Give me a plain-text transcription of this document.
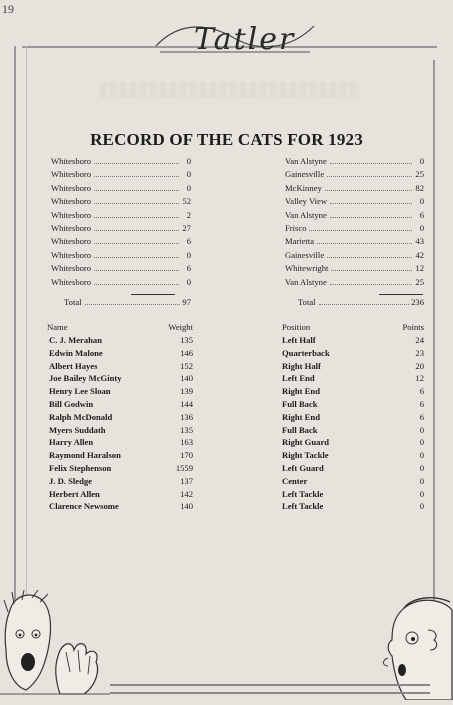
19
Tatler
RECORD OF THE CATS FOR 1923
Whitesboro	0
Whitesboro	0
Whitesboro	0
Whitesboro	52
Whitesboro	2
Whitesboro	27
Whitesboro	6
Whitesboro	0
Whitesboro	6
Whitesboro	0
Total	97
Van Alstyne	0
Gainesville	25
McKinney	82
Valley View	0
Van Alstyne	6
Frisco	0
Marietta	43
Gainesville	42
Whitewright	12
Van Alstyne	25
Total	236
Name	Weight
C. J. Merahan	135
Edwin Malone	146
Albert Hayes	152
Joe Bailey McGinty	140
Henry Lee Sloan	139
Bill Godwin	144
Ralph McDonald	136
Myers Suddath	135
Harry Allen	163
Raymond Haralson	170
Felix Stephenson	1559
J. D. Sledge	137
Herbert Allen	142
Clarence Newsome	140
Position	Points
Left Half	24
Quarterback	23
Right Half	20
Left End	12
Right End	6
Full Back	6
Right End	6
Full Back	0
Right Guard	0
Right Tackle	0
Left Guard	0
Center	0
Left Tackle	0
Left Tackle	0
